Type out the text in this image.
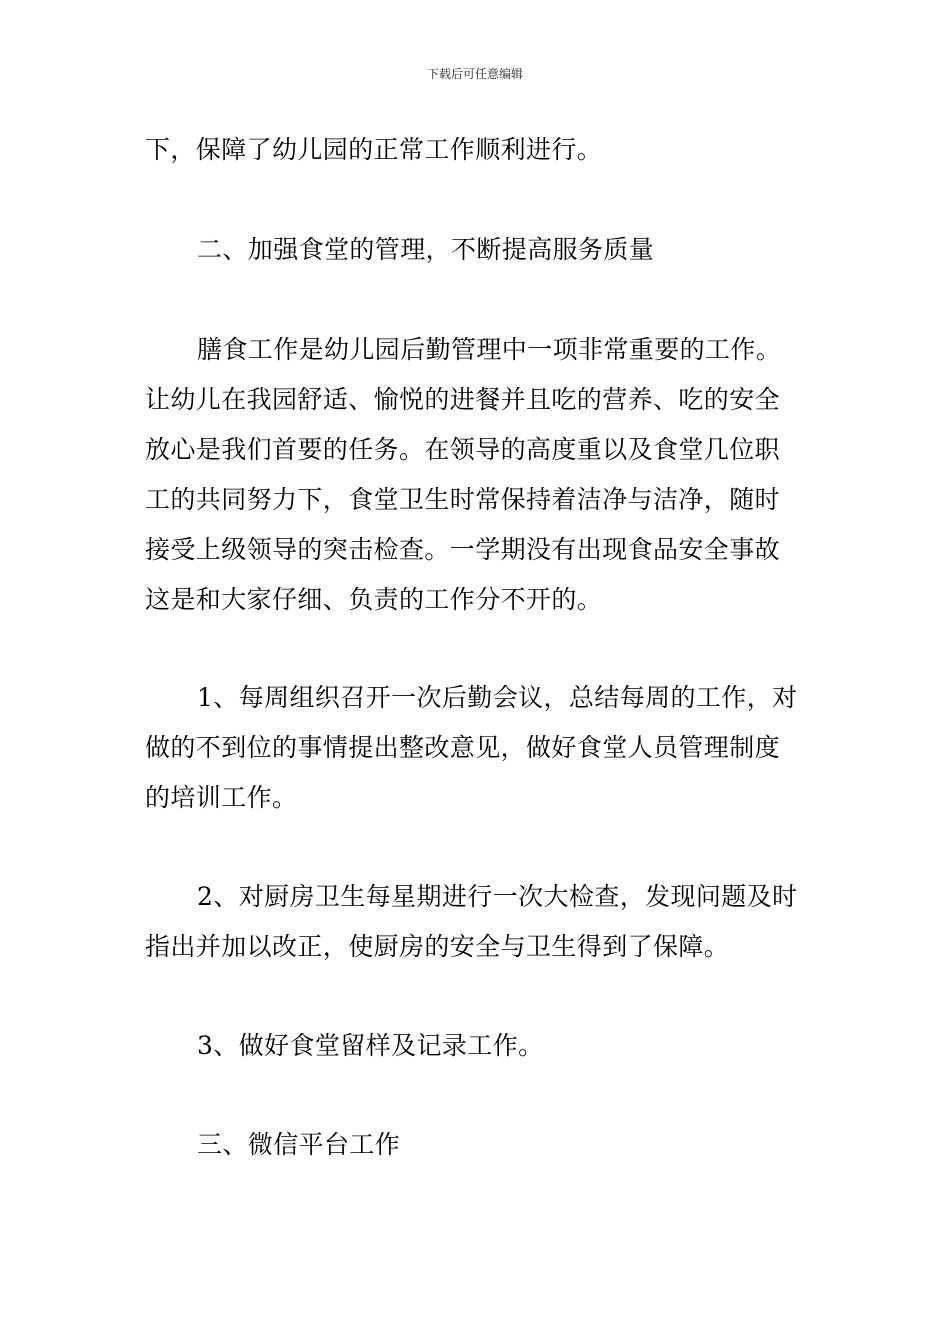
下载后可任意编辑
下，保障了幼儿园的正常工作顺利进行。
二、加强食堂的管理，不断提高服务质量
膳食工作是幼儿园后勤管理中一项非常重要的工作。
让幼儿在我园舒适、愉悦的进餐并且吃的营养、吃的安全
放心是我们首要的任务。在领导的高度重以及食堂几位职
工的共同努力下，食堂卫生时常保持着洁净与洁净，随时
接受上级领导的突击检查。一学期没有出现食品安全事故
这是和大家仔细、负责的工作分不开的。
1、每周组织召开一次后勤会议，总结每周的工作，对
做的不到位的事情提出整改意见，做好食堂人员管理制度
的培训工作。
2、对厨房卫生每星期进行一次大检查，发现问题及时
指出并加以改正，使厨房的安全与卫生得到了保障。
3、做好食堂留样及记录工作。
三、微信平台工作
